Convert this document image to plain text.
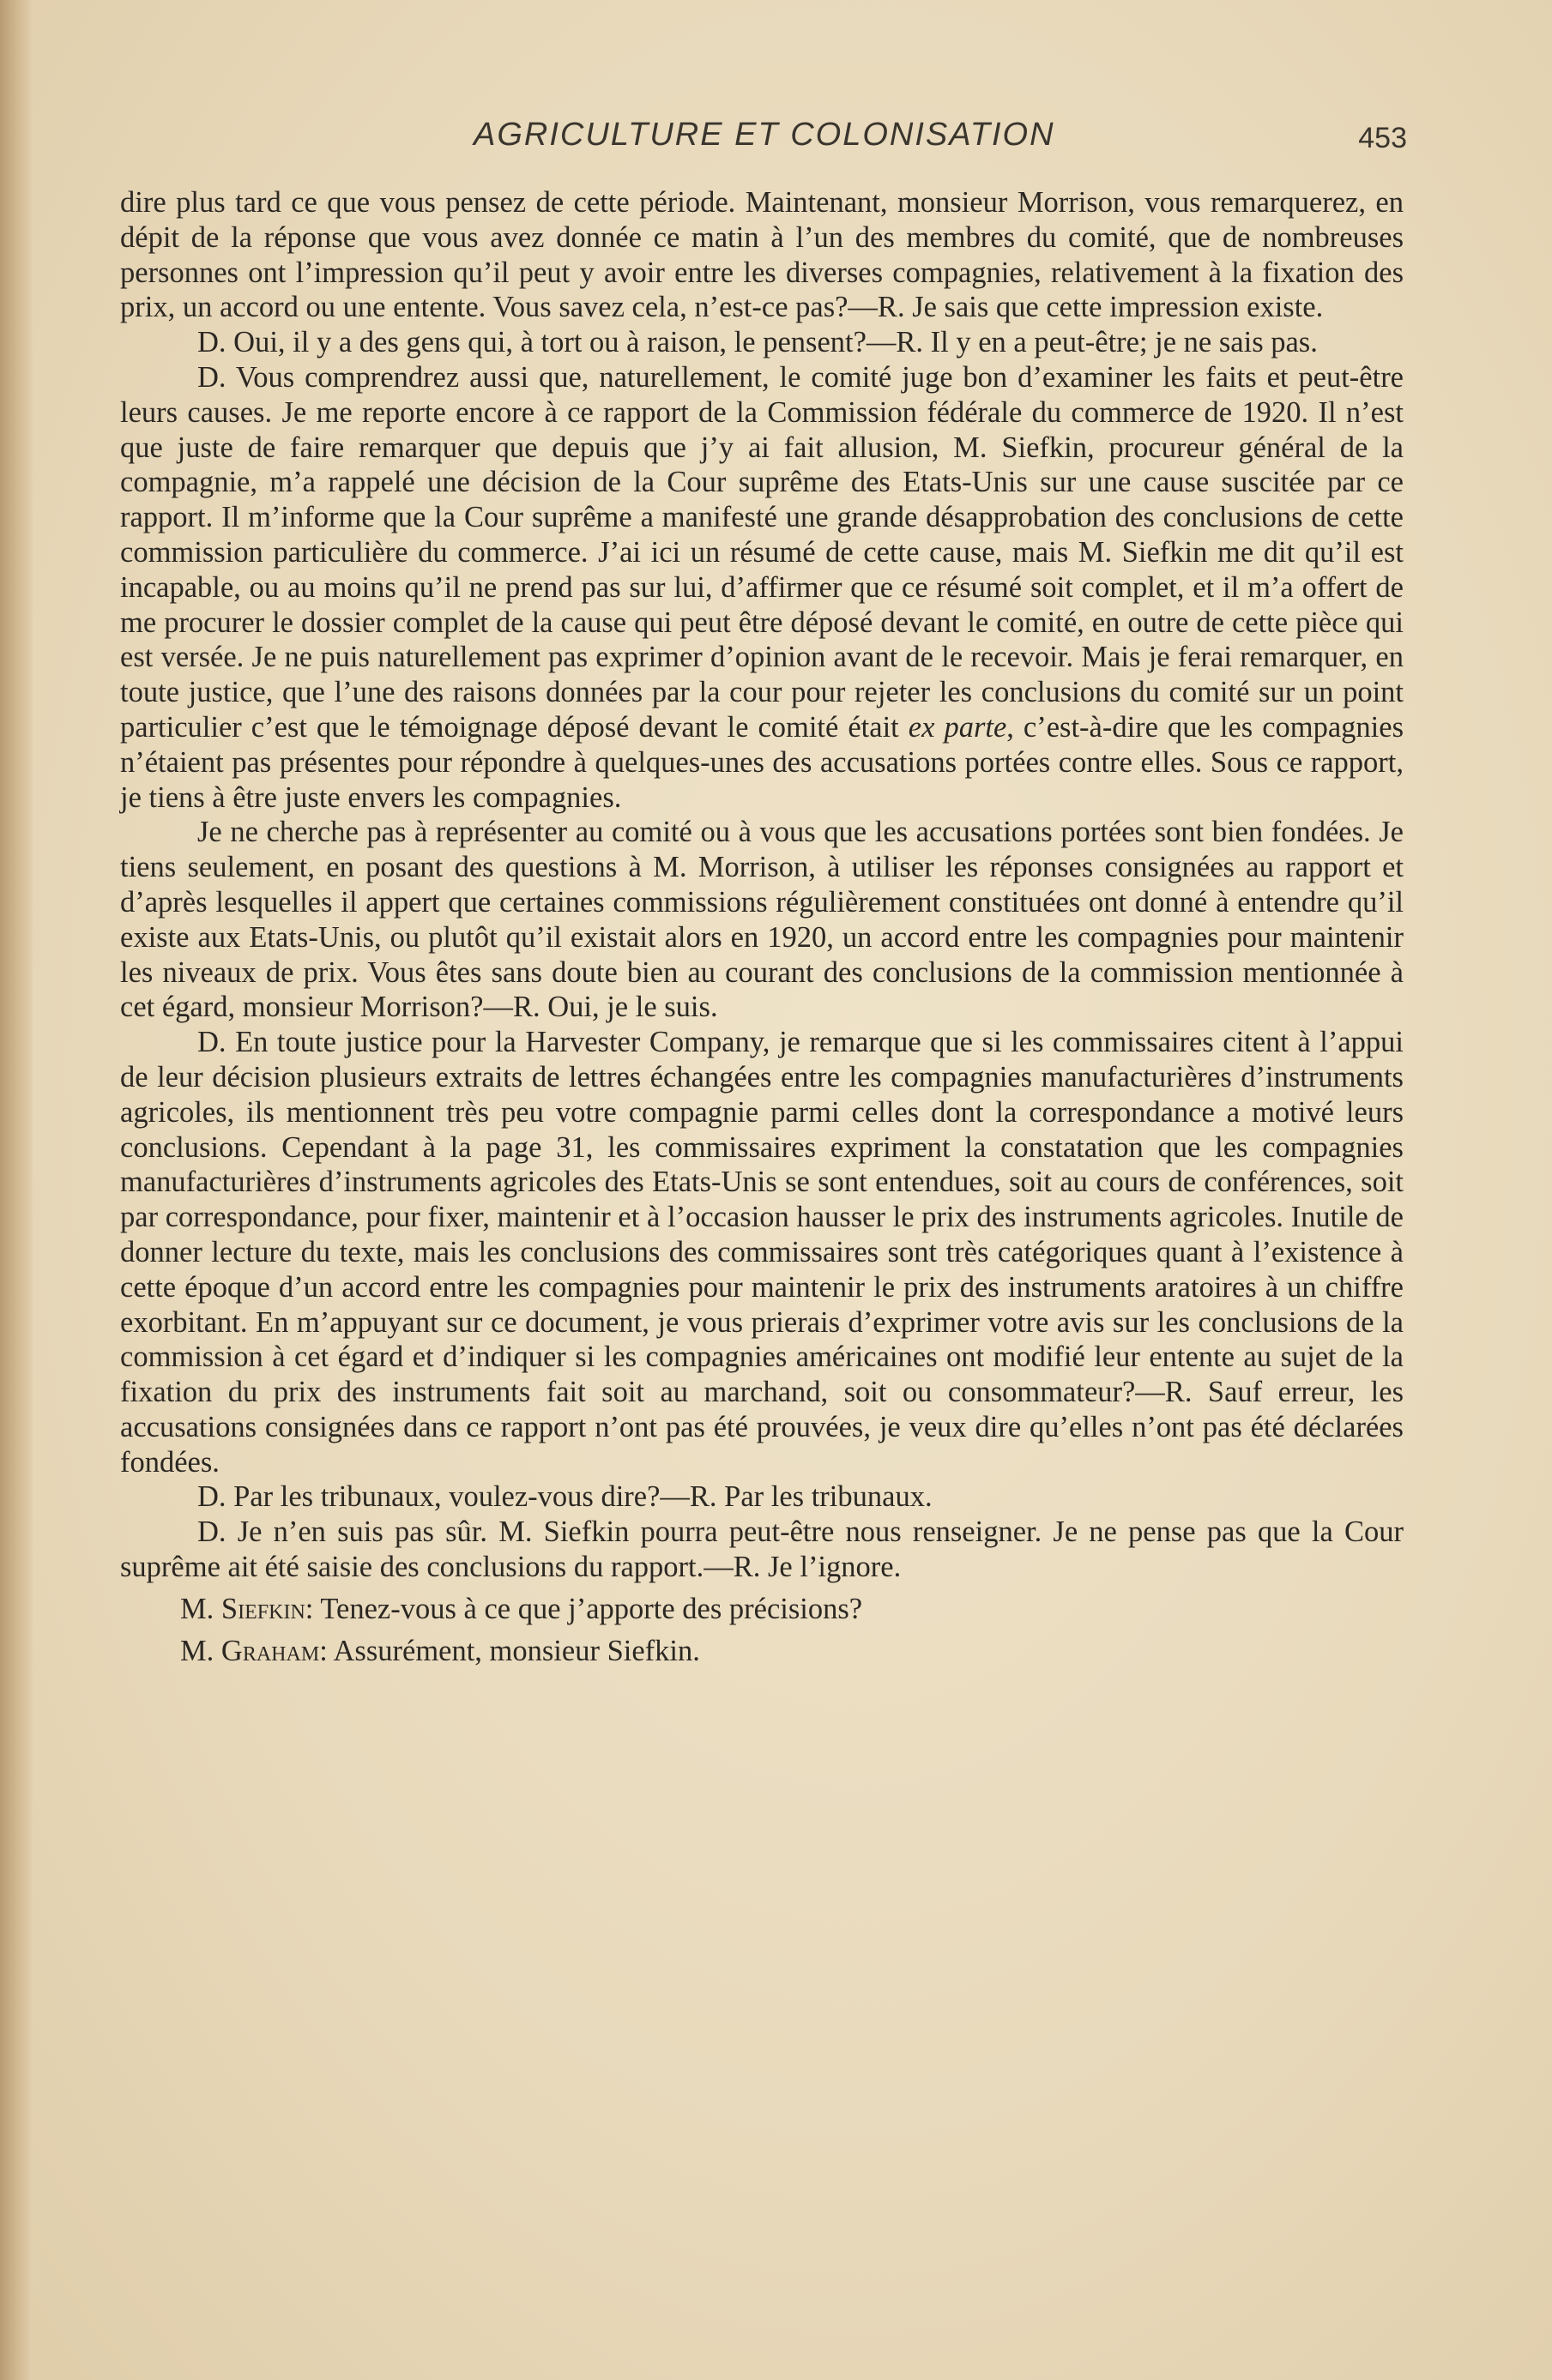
AGRICULTURE ET COLONISATION	453

dire plus tard ce que vous pensez de cette période. Maintenant, monsieur Morrison, vous remarquerez, en dépit de la réponse que vous avez donnée ce matin à l’un des membres du comité, que de nombreuses personnes ont l’impression qu’il peut y avoir entre les diverses compagnies, relativement à la fixation des prix, un accord ou une entente. Vous savez cela, n’est-ce pas?—R. Je sais que cette impression existe.

D. Oui, il y a des gens qui, à tort ou à raison, le pensent?—R. Il y en a peut-être; je ne sais pas.

D. Vous comprendrez aussi que, naturellement, le comité juge bon d’examiner les faits et peut-être leurs causes. Je me reporte encore à ce rapport de la Commission fédérale du commerce de 1920. Il n’est que juste de faire remarquer que depuis que j’y ai fait allusion, M. Siefkin, procureur général de la compagnie, m’a rappelé une décision de la Cour suprême des Etats-Unis sur une cause suscitée par ce rapport. Il m’informe que la Cour suprême a manifesté une grande désapprobation des conclusions de cette commission particulière du commerce. J’ai ici un résumé de cette cause, mais M. Siefkin me dit qu’il est incapable, ou au moins qu’il ne prend pas sur lui, d’affirmer que ce résumé soit complet, et il m’a offert de me procurer le dossier complet de la cause qui peut être déposé devant le comité, en outre de cette pièce qui est versée. Je ne puis naturellement pas exprimer d’opinion avant de le recevoir. Mais je ferai remarquer, en toute justice, que l’une des raisons données par la cour pour rejeter les conclusions du comité sur un point particulier c’est que le témoignage déposé devant le comité était ex parte, c’est-à-dire que les compagnies n’étaient pas présentes pour répondre à quelques-unes des accusations portées contre elles. Sous ce rapport, je tiens à être juste envers les compagnies.

Je ne cherche pas à représenter au comité ou à vous que les accusations portées sont bien fondées. Je tiens seulement, en posant des questions à M. Morrison, à utiliser les réponses consignées au rapport et d’après lesquelles il appert que certaines commissions régulièrement constituées ont donné à entendre qu’il existe aux Etats-Unis, ou plutôt qu’il existait alors en 1920, un accord entre les compagnies pour maintenir les niveaux de prix. Vous êtes sans doute bien au courant des conclusions de la commission mentionnée à cet égard, monsieur Morrison?—R. Oui, je le suis.

D. En toute justice pour la Harvester Company, je remarque que si les commissaires citent à l’appui de leur décision plusieurs extraits de lettres échangées entre les compagnies manufacturières d’instruments agricoles, ils mentionnent très peu votre compagnie parmi celles dont la correspondance a motivé leurs conclusions. Cependant à la page 31, les commissaires expriment la constatation que les compagnies manufacturières d’instruments agricoles des Etats-Unis se sont entendues, soit au cours de conférences, soit par correspondance, pour fixer, maintenir et à l’occasion hausser le prix des instruments agricoles. Inutile de donner lecture du texte, mais les conclusions des commissaires sont très catégoriques quant à l’existence à cette époque d’un accord entre les compagnies pour maintenir le prix des instruments aratoires à un chiffre exorbitant. En m’appuyant sur ce document, je vous prierais d’exprimer votre avis sur les conclusions de la commission à cet égard et d’indiquer si les compagnies américaines ont modifié leur entente au sujet de la fixation du prix des instruments fait soit au marchand, soit ou consommateur?—R. Sauf erreur, les accusations consignées dans ce rapport n’ont pas été prouvées, je veux dire qu’elles n’ont pas été déclarées fondées.

D. Par les tribunaux, voulez-vous dire?—R. Par les tribunaux.

D. Je n’en suis pas sûr. M. Siefkin pourra peut-être nous renseigner. Je ne pense pas que la Cour suprême ait été saisie des conclusions du rapport.—R. Je l’ignore.

M. Siefkin: Tenez-vous à ce que j’apporte des précisions?

M. Graham: Assurément, monsieur Siefkin.
